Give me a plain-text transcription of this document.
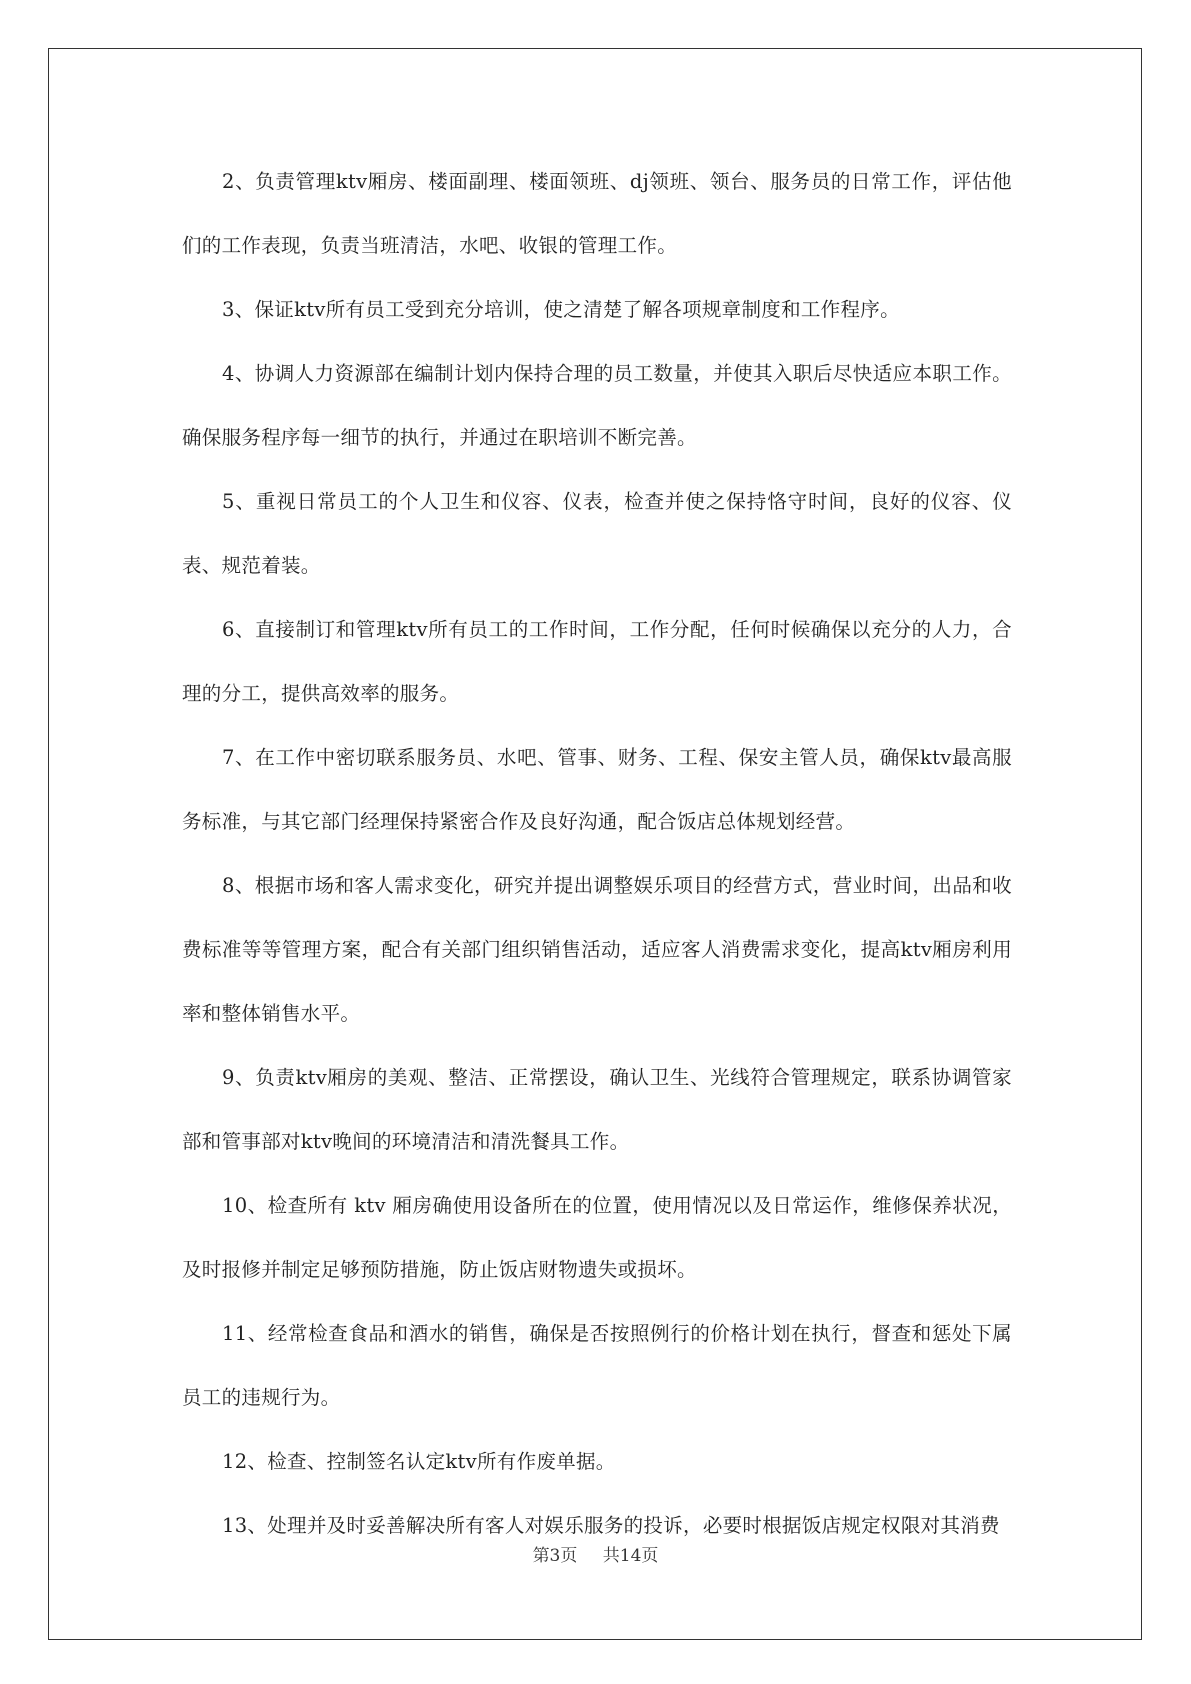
2、负责管理ktv厢房、楼面副理、楼面领班、dj领班、领台、服务员的日常工作，评估他们的工作表现，负责当班清洁，水吧、收银的管理工作。

3、保证ktv所有员工受到充分培训，使之清楚了解各项规章制度和工作程序。

4、协调人力资源部在编制计划内保持合理的员工数量，并使其入职后尽快适应本职工作。确保服务程序每一细节的执行，并通过在职培训不断完善。

5、重视日常员工的个人卫生和仪容、仪表，检查并使之保持恪守时间，良好的仪容、仪表、规范着装。

6、直接制订和管理ktv所有员工的工作时间，工作分配，任何时候确保以充分的人力，合理的分工，提供高效率的服务。

7、在工作中密切联系服务员、水吧、管事、财务、工程、保安主管人员，确保ktv最高服务标准，与其它部门经理保持紧密合作及良好沟通，配合饭店总体规划经营。

8、根据市场和客人需求变化，研究并提出调整娱乐项目的经营方式，营业时间，出品和收费标准等等管理方案，配合有关部门组织销售活动，适应客人消费需求变化，提高ktv厢房利用率和整体销售水平。

9、负责ktv厢房的美观、整洁、正常摆设，确认卫生、光线符合管理规定，联系协调管家部和管事部对ktv晚间的环境清洁和清洗餐具工作。

10、检查所有 ktv 厢房确使用设备所在的位置，使用情况以及日常运作，维修保养状况，及时报修并制定足够预防措施，防止饭店财物遗失或损坏。

11、经常检查食品和酒水的销售，确保是否按照例行的价格计划在执行，督查和惩处下属员工的违规行为。

12、检查、控制签名认定ktv所有作废单据。

13、处理并及时妥善解决所有客人对娱乐服务的投诉，必要时根据饭店规定权限对其消费

第3页 共14页
